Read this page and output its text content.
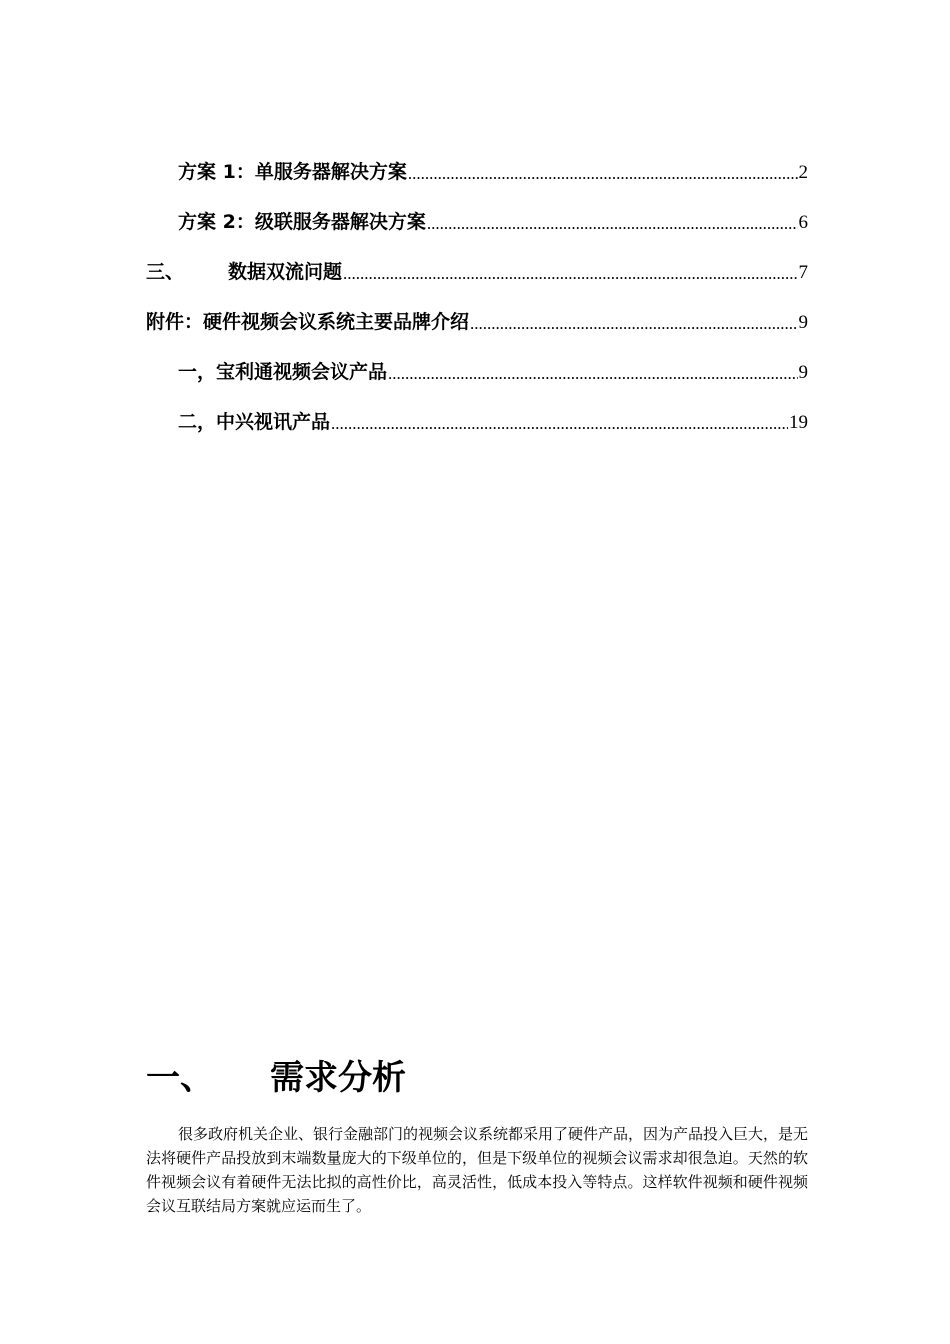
方案 1：单服务器解决方案 .....	2
方案 2：级联服务器解决方案 .....	6
三、 数据双流问题 .....	7
附件：硬件视频会议系统主要品牌介绍 .....	9
一，宝利通视频会议产品 .....	9
二，中兴视讯产品 .....	19
一、 需求分析

很多政府机关企业、银行金融部门的视频会议系统都采用了硬件产品，因为产品投入巨大，是无法将硬件产品投放到末端数量庞大的下级单位的，但是下级单位的视频会议需求却很急迫。天然的软件视频会议有着硬件无法比拟的高性价比，高灵活性，低成本投入等特点。这样软件视频和硬件视频会议互联结局方案就应运而生了。
